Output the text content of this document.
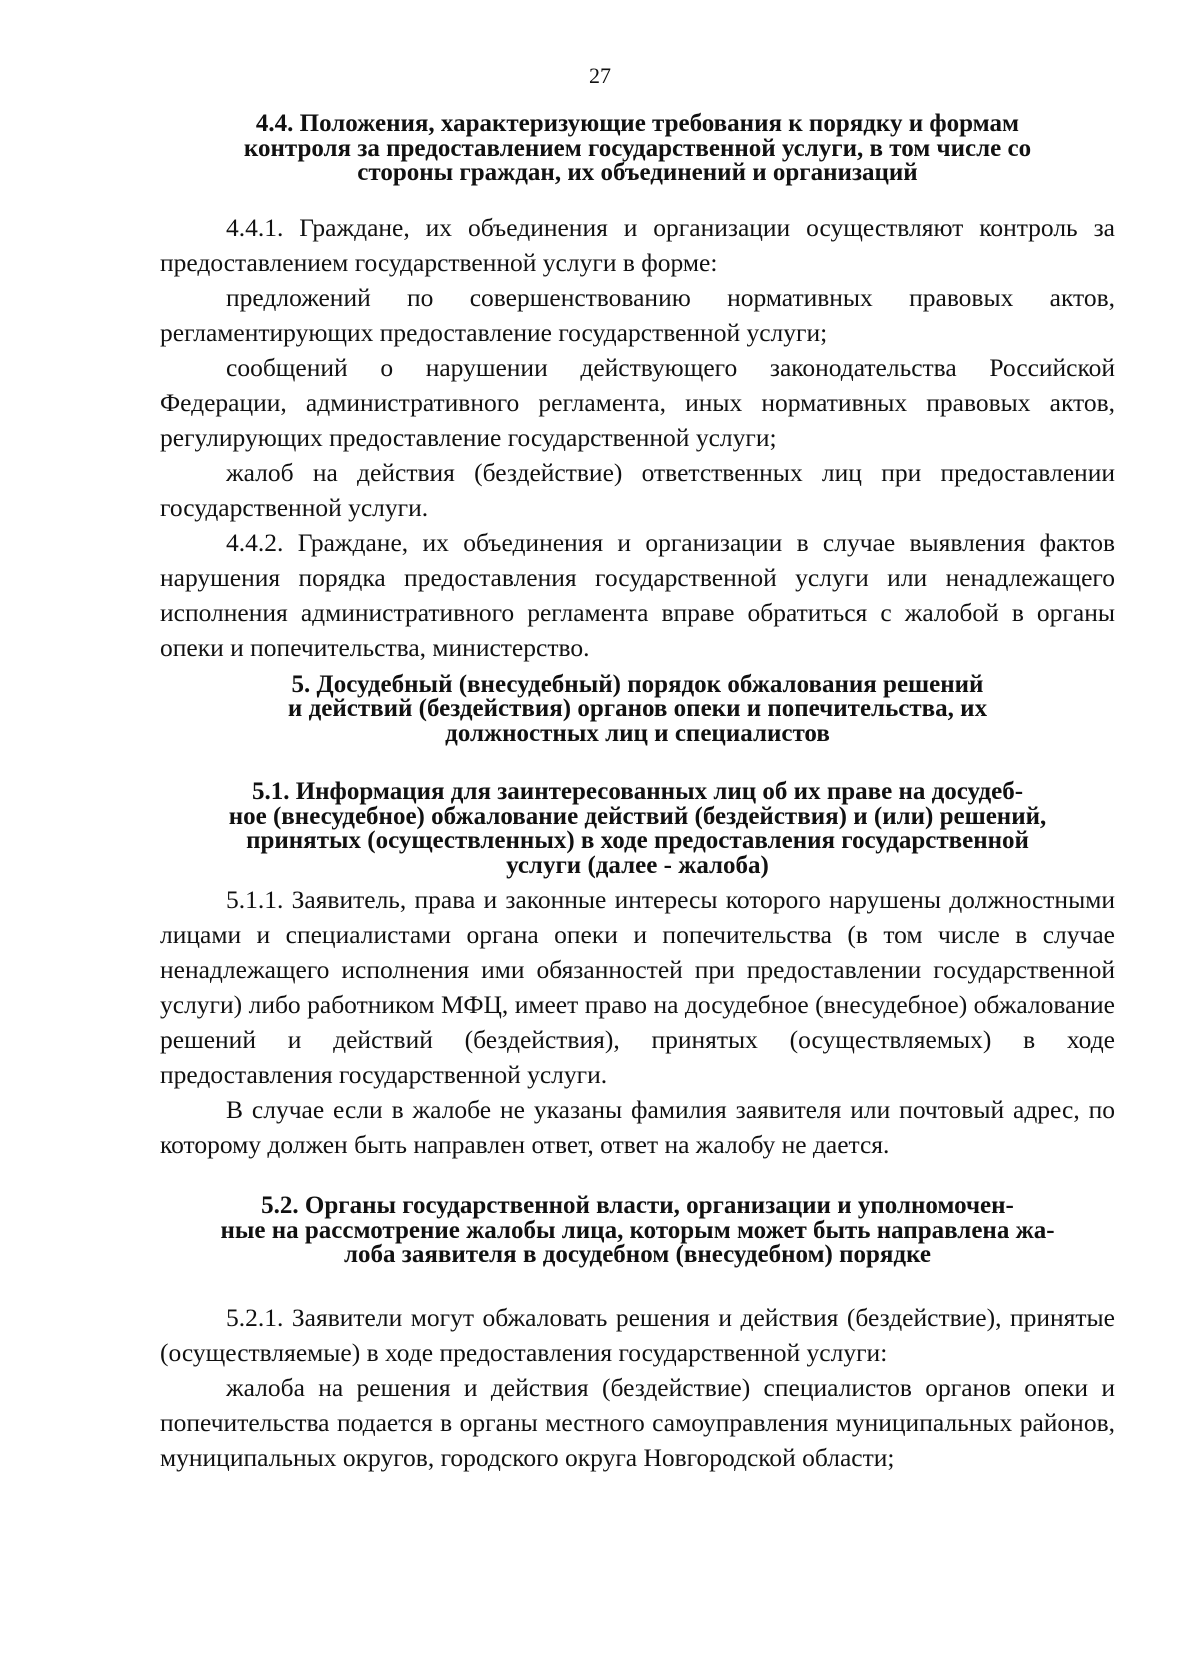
27
4.4. Положения, характеризующие требования к порядку и формам
контроля за предоставлением государственной услуги, в том числе со
стороны граждан, их объединений и организаций

4.4.1. Граждане, их объединения и организации осуществляют контроль за предоставлением государственной услуги в форме:

предложений по совершенствованию нормативных правовых актов, регламентирующих предоставление государственной услуги;

сообщений о нарушении действующего законодательства Российской Федерации, административного регламента, иных нормативных правовых актов, регулирующих предоставление государственной услуги;

жалоб на действия (бездействие) ответственных лиц при предоставлении государственной услуги.

4.4.2. Граждане, их объединения и организации в случае выявления фактов нарушения порядка предоставления государственной услуги или ненадлежащего исполнения административного регламента вправе обратиться с жалобой в органы опеки и попечительства, министерство.

5. Досудебный (внесудебный) порядок обжалования решений
и действий (бездействия) органов опеки и попечительства, их
должностных лиц и специалистов
5.1. Информация для заинтересованных лиц об их праве на досудеб-
ное (внесудебное) обжалование действий (бездействия) и (или) решений,
принятых (осуществленных) в ходе предоставления государственной
услуги (далее - жалоба)

5.1.1. Заявитель, права и законные интересы которого нарушены должностными лицами и специалистами органа опеки и попечительства (в том числе в случае ненадлежащего исполнения ими обязанностей при предоставлении государственной услуги) либо работником МФЦ, имеет право на досудебное (внесудебное) обжалование решений и действий (бездействия), принятых (осуществляемых) в ходе предоставления государственной услуги.

В случае если в жалобе не указаны фамилия заявителя или почтовый адрес, по которому должен быть направлен ответ, ответ на жалобу не дается.

5.2. Органы государственной власти, организации и уполномочен-
ные на рассмотрение жалобы лица, которым может быть направлена жа-
лоба заявителя в досудебном (внесудебном) порядке

5.2.1. Заявители могут обжаловать решения и действия (бездействие), принятые (осуществляемые) в ходе предоставления государственной услуги:

жалоба на решения и действия (бездействие) специалистов органов опеки и попечительства подается в органы местного самоуправления муниципальных районов, муниципальных округов, городского округа Новгородской области;
